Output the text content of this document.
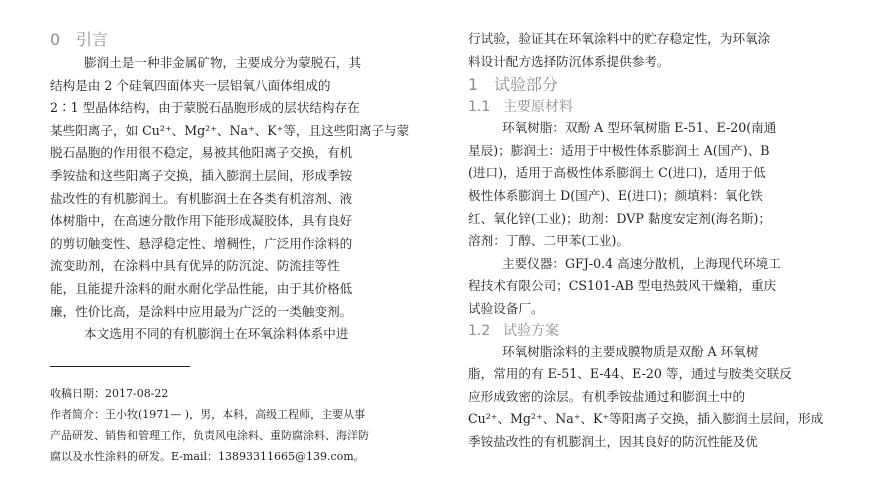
0 引言

膨润土是一种非金属矿物，主要成分为蒙脱石，其

结构是由 2 个硅氧四面体夹一层铝氧八面体组成的

2∶1 型晶体结构，由于蒙脱石晶胞形成的层状结构存在

某些阳离子，如 Cu²⁺、Mg²⁺、Na⁺、K⁺等，且这些阳离子与蒙

脱石晶胞的作用很不稳定，易被其他阳离子交换，有机

季铵盐和这些阳离子交换，插入膨润土层间，形成季铵

盐改性的有机膨润土。有机膨润土在各类有机溶剂、液

体树脂中，在高速分散作用下能形成凝胶体，具有良好

的剪切触变性、悬浮稳定性、增稠性，广泛用作涂料的

流变助剂，在涂料中具有优异的防沉淀、防流挂等性

能，且能提升涂料的耐水耐化学品性能，由于其价格低

廉，性价比高，是涂料中应用最为广泛的一类触变剂。

本文选用不同的有机膨润土在环氧涂料体系中进

收稿日期：2017-08-22

作者简介：王小牧(1971— )，男，本科，高级工程师，主要从事

产品研发、销售和管理工作，负责风电涂料、重防腐涂料、海洋防

腐以及水性涂料的研发。E-mail：13893311665@139.com。

行试验，验证其在环氧涂料中的贮存稳定性，为环氧涂

料设计配方选择防沉体系提供参考。

1 试验部分
1.1 主要原材料

环氧树脂：双酚 A 型环氧树脂 E-51、E-20(南通

星辰)；膨润土：适用于中极性体系膨润土 A(国产)、B

(进口)，适用于高极性体系膨润土 C(进口)，适用于低

极性体系膨润土 D(国产)、E(进口)；颜填料：氧化铁

红、氧化锌(工业)；助剂：DVP 黏度安定剂(海名斯)；

溶剂：丁醇、二甲苯(工业)。

主要仪器：GFJ-0.4 高速分散机，上海现代环境工

程技术有限公司；CS101-AB 型电热鼓风干燥箱，重庆

试验设备厂。

1.2 试验方案

环氧树脂涂料的主要成膜物质是双酚 A 环氧树

脂，常用的有 E-51、E-44、E-20 等，通过与胺类交联反

应形成致密的涂层。有机季铵盐通过和膨润土中的

Cu²⁺、Mg²⁺、Na⁺、K⁺等阳离子交换，插入膨润土层间，形成

季铵盐改性的有机膨润土，因其良好的防沉性能及优
